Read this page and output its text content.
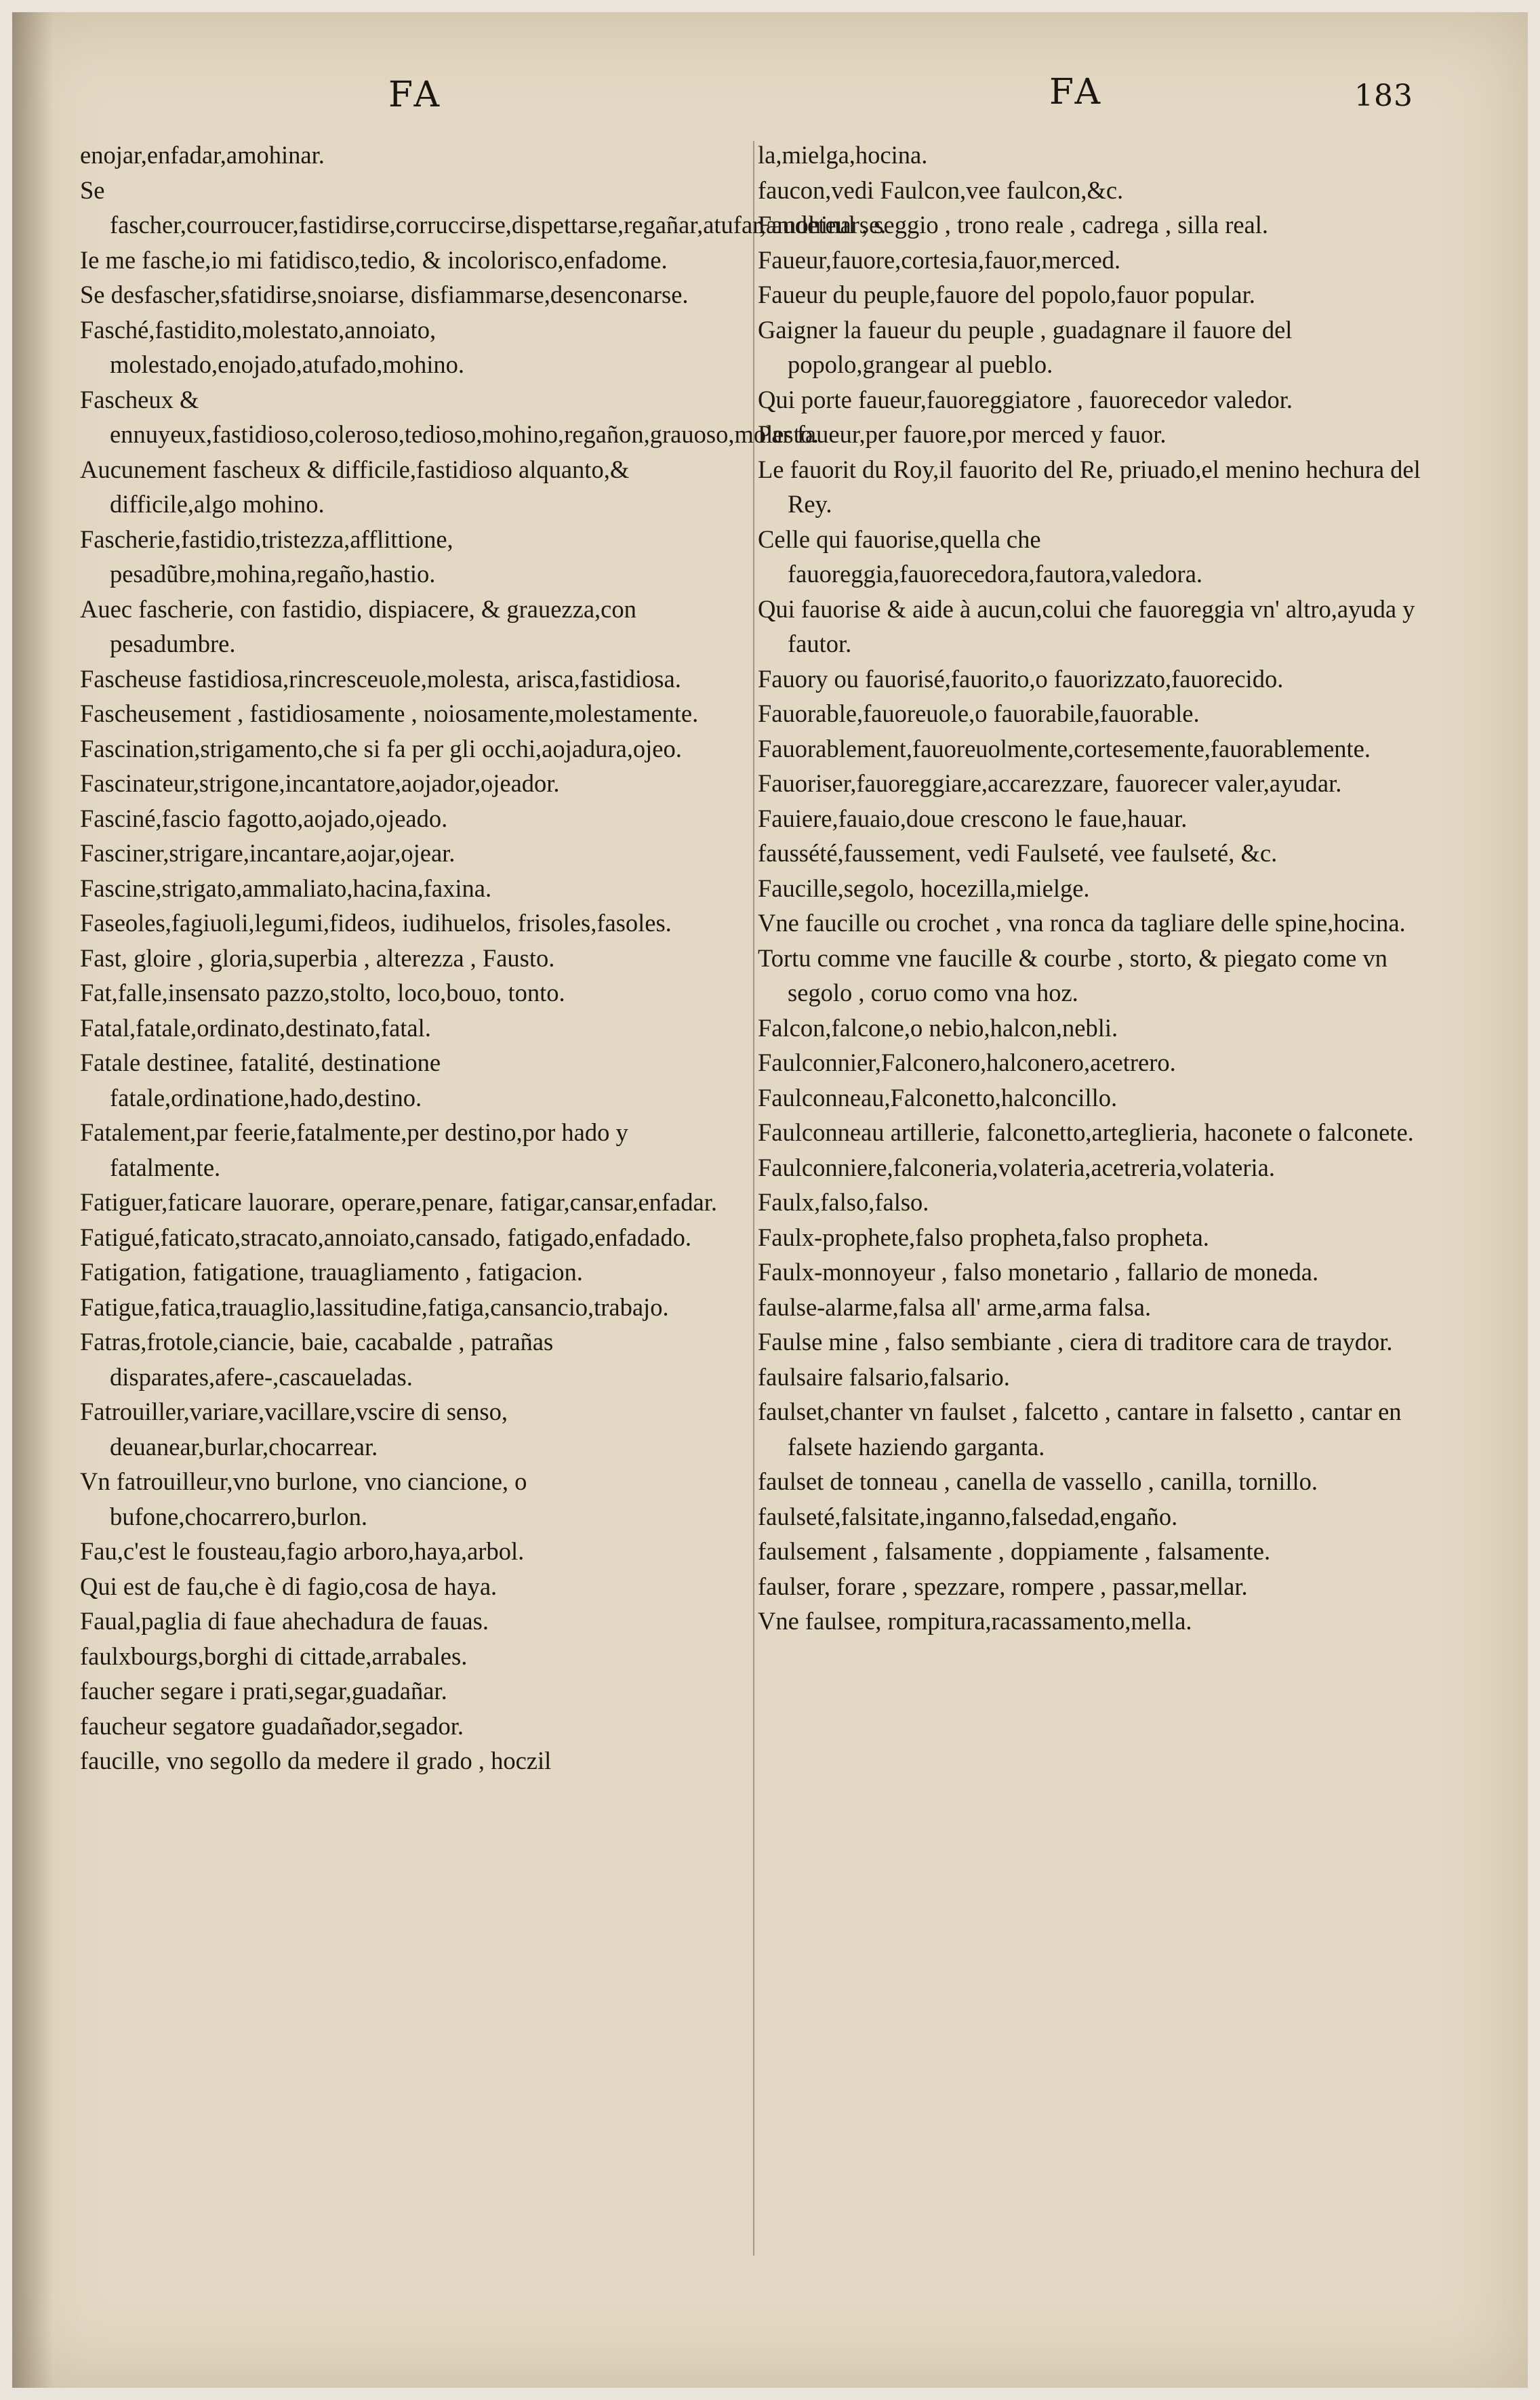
FA	FA	183

enojar,enfadar,amohinar.

Se fascher,courroucer,fastidirse,corruccirse,dispettarse,regañar,atufar,amohinarse.

Ie me fasche,io mi fatidisco,tedio, & incolorisco,enfadome.

Se desfascher,sfatidirse,snoiarse, disfiammarse,desenconarse.

Fasché,fastidito,molestato,annoiato, molestado,enojado,atufado,mohino.

Fascheux & ennuyeux,fastidioso,coleroso,tedioso,mohino,regañon,grauoso,molesto.

Aucunement fascheux & difficile,fastidioso alquanto,& difficile,algo mohino.

Fascherie,fastidio,tristezza,afflittione, pesadũbre,mohina,regaño,hastio.

Auec fascherie, con fastidio, dispiacere, & grauezza,con pesadumbre.

Fascheuse fastidiosa,rincresceuole,molesta, arisca,fastidiosa.

Fascheusement , fastidiosamente , noiosamente,molestamente.

Fascination,strigamento,che si fa per gli occhi,aojadura,ojeo.

Fascinateur,strigone,incantatore,aojador,ojeador.

Fasciné,fascio fagotto,aojado,ojeado.

Fasciner,strigare,incantare,aojar,ojear.

Fascine,strigato,ammaliato,hacina,faxina.

Faseoles,fagiuoli,legumi,fideos, iudihuelos, frisoles,fasoles.

Fast, gloire , gloria,superbia , alterezza , Fausto.

Fat,falle,insensato pazzo,stolto, loco,bouo, tonto.

Fatal,fatale,ordinato,destinato,fatal.

Fatale destinee, fatalité, destinatione fatale,ordinatione,hado,destino.

Fatalement,par feerie,fatalmente,per destino,por hado y fatalmente.

Fatiguer,faticare lauorare, operare,penare, fatigar,cansar,enfadar.

Fatigué,faticato,stracato,annoiato,cansado, fatigado,enfadado.

Fatigation, fatigatione, trauagliamento , fatigacion.

Fatigue,fatica,trauaglio,lassitudine,fatiga,cansancio,trabajo.

Fatras,frotole,ciancie, baie, cacabalde , patrañas disparates,afere-,cascaueladas.

Fatrouiller,variare,vacillare,vscire di senso, deuanear,burlar,chocarrear.

Vn fatrouilleur,vno burlone, vno ciancione, o bufone,chocarrero,burlon.

Fau,c'est le fousteau,fagio arboro,haya,arbol.

Qui est de fau,che è di fagio,cosa de haya.

Faual,paglia di faue ahechadura de fauas.

faulxbourgs,borghi di cittade,arrabales.

faucher segare i prati,segar,guadañar.

faucheur segatore guadañador,segador.

faucille, vno segollo da medere il grado , hoczil

la,mielga,hocina.

faucon,vedi Faulcon,vee faulcon,&c.

Faudeteul , seggio , trono reale , cadrega , silla real.

Faueur,fauore,cortesia,fauor,merced.

Faueur du peuple,fauore del popolo,fauor popular.

Gaigner la faueur du peuple , guadagnare il fauore del popolo,grangear al pueblo.

Qui porte faueur,fauoreggiatore , fauorecedor valedor.

Par faueur,per fauore,por merced y fauor.

Le fauorit du Roy,il fauorito del Re, priuado,el menino hechura del Rey.

Celle qui fauorise,quella che fauoreggia,fauorecedora,fautora,valedora.

Qui fauorise & aide à aucun,colui che fauoreggia vn' altro,ayuda y fautor.

Fauory ou fauorisé,fauorito,o fauorizzato,fauorecido.

Fauorable,fauoreuole,o fauorabile,fauorable.

Fauorablement,fauoreuolmente,cortesemente,fauorablemente.

Fauoriser,fauoreggiare,accarezzare, fauorecer valer,ayudar.

Fauiere,fauaio,doue crescono le faue,hauar.

faussété,faussement, vedi Faulseté, vee faulseté, &c.

Faucille,segolo, hocezilla,mielge.

Vne faucille ou crochet , vna ronca da tagliare delle spine,hocina.

Tortu comme vne faucille & courbe , storto, & piegato come vn segolo , coruo como vna hoz.

Falcon,falcone,o nebio,halcon,nebli.

Faulconnier,Falconero,halconero,acetrero.

Faulconneau,Falconetto,halconcillo.

Faulconneau artillerie, falconetto,arteglieria, haconete o falconete.

Faulconniere,falconeria,volateria,acetreria,volateria.

Faulx,falso,falso.

Faulx-prophete,falso propheta,falso propheta.

Faulx-monnoyeur , falso monetario , fallario de moneda.

faulse-alarme,falsa all' arme,arma falsa.

Faulse mine , falso sembiante , ciera di traditore cara de traydor.

faulsaire falsario,falsario.

faulset,chanter vn faulset , falcetto , cantare in falsetto , cantar en falsete haziendo garganta.

faulset de tonneau , canella de vassello , canilla, tornillo.

faulseté,falsitate,inganno,falsedad,engaño.

faulsement , falsamente , doppiamente , falsamente.

faulser, forare , spezzare, rompere , passar,mellar.

Vne faulsee, rompitura,racassamento,mella.
